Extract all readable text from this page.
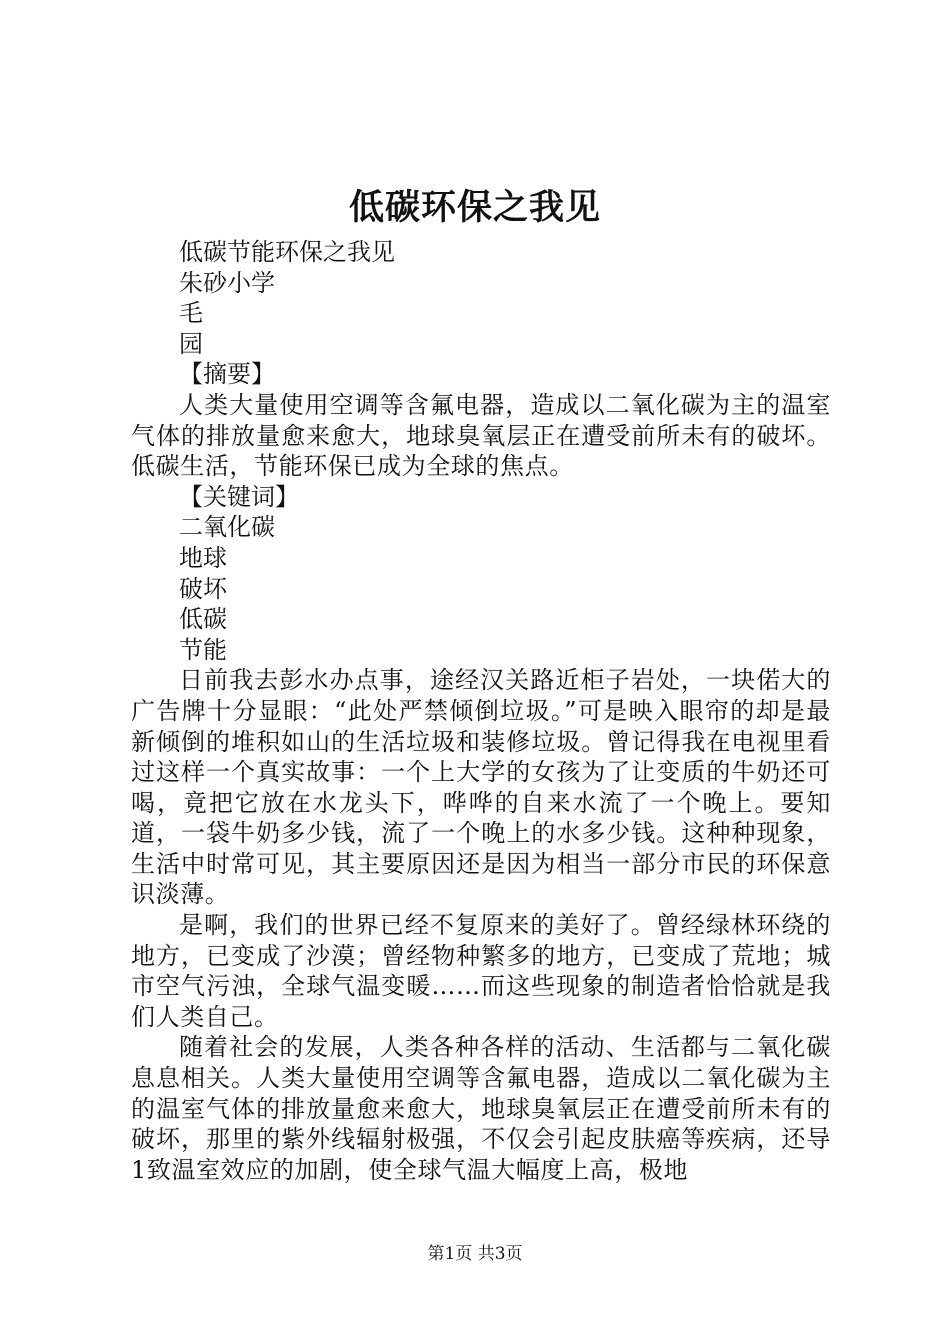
低碳环保之我见

低碳节能环保之我见

朱砂小学

毛

园

【摘要】

人类大量使用空调等含氟电器，造成以二氧化碳为主的温室气体的排放量愈来愈大，地球臭氧层正在遭受前所未有的破坏。低碳生活，节能环保已成为全球的焦点。

【关键词】

二氧化碳

地球

破坏

低碳

节能

日前我去彭水办点事，途经汉关路近柜子岩处，一块偌大的广告牌十分显眼：“此处严禁倾倒垃圾。”可是映入眼帘的却是最新倾倒的堆积如山的生活垃圾和装修垃圾。曾记得我在电视里看过这样一个真实故事：一个上大学的女孩为了让变质的牛奶还可喝，竟把它放在水龙头下，哗哗的自来水流了一个晚上。要知道，一袋牛奶多少钱，流了一个晚上的水多少钱。这种种现象，生活中时常可见，其主要原因还是因为相当一部分市民的环保意识淡薄。

是啊，我们的世界已经不复原来的美好了。曾经绿林环绕的地方，已变成了沙漠；曾经物种繁多的地方，已变成了荒地；城市空气污浊，全球气温变暖……而这些现象的制造者恰恰就是我们人类自己。

随着社会的发展，人类各种各样的活动、生活都与二氧化碳息息相关。人类大量使用空调等含氟电器，造成以二氧化碳为主的温室气体的排放量愈来愈大，地球臭氧层正在遭受前所未有的破坏，那里的紫外线辐射极强，不仅会引起皮肤癌等疾病，还导1致温室效应的加剧，使全球气温大幅度上高，极地

第1页 共3页
